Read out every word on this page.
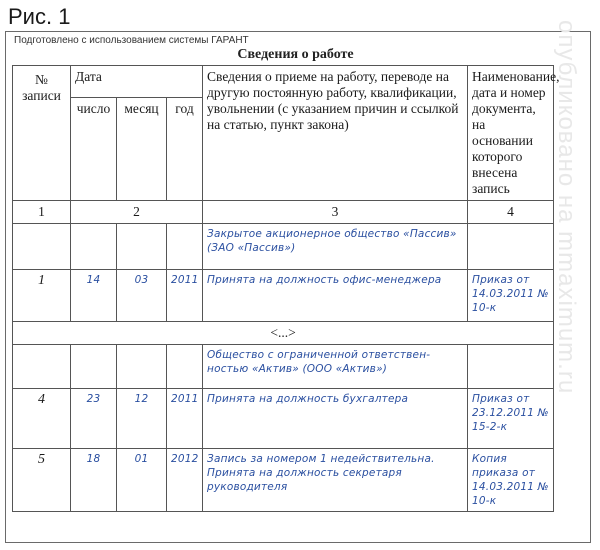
Рис. 1
Подготовлено с использованием системы ГАРАНТ	опубликовано на mmaximum.ru
Сведения о работе
№ записи	Дата			Сведения о приеме на работу, переводе на другую постоянную работу, квалификации, увольнении (с указанием причин и ссылкой на статью, пункт закона)	Наименование, дата и номер документа, на основании которого внесена запись
	число	месяц	год		
1	2			3	4
				Закрытое акционерное общество «Пассив» (ЗАО «Пассив»)	
1	14	03	2011	Принята на должность офис-менеджера	Приказ от 14.03.2011 № 10-к
<...>					
				Общество с ограниченной ответствен-ностью «Актив» (ООО «Актив»)	
4	23	12	2011	Принята на должность бухгалтера	Приказ от 23.12.2011 № 15-2-к
5	18	01	2012	Запись за номером 1 недействительна. Принята на должность секретаря руководителя	Копия приказа от 14.03.2011 № 10-к
